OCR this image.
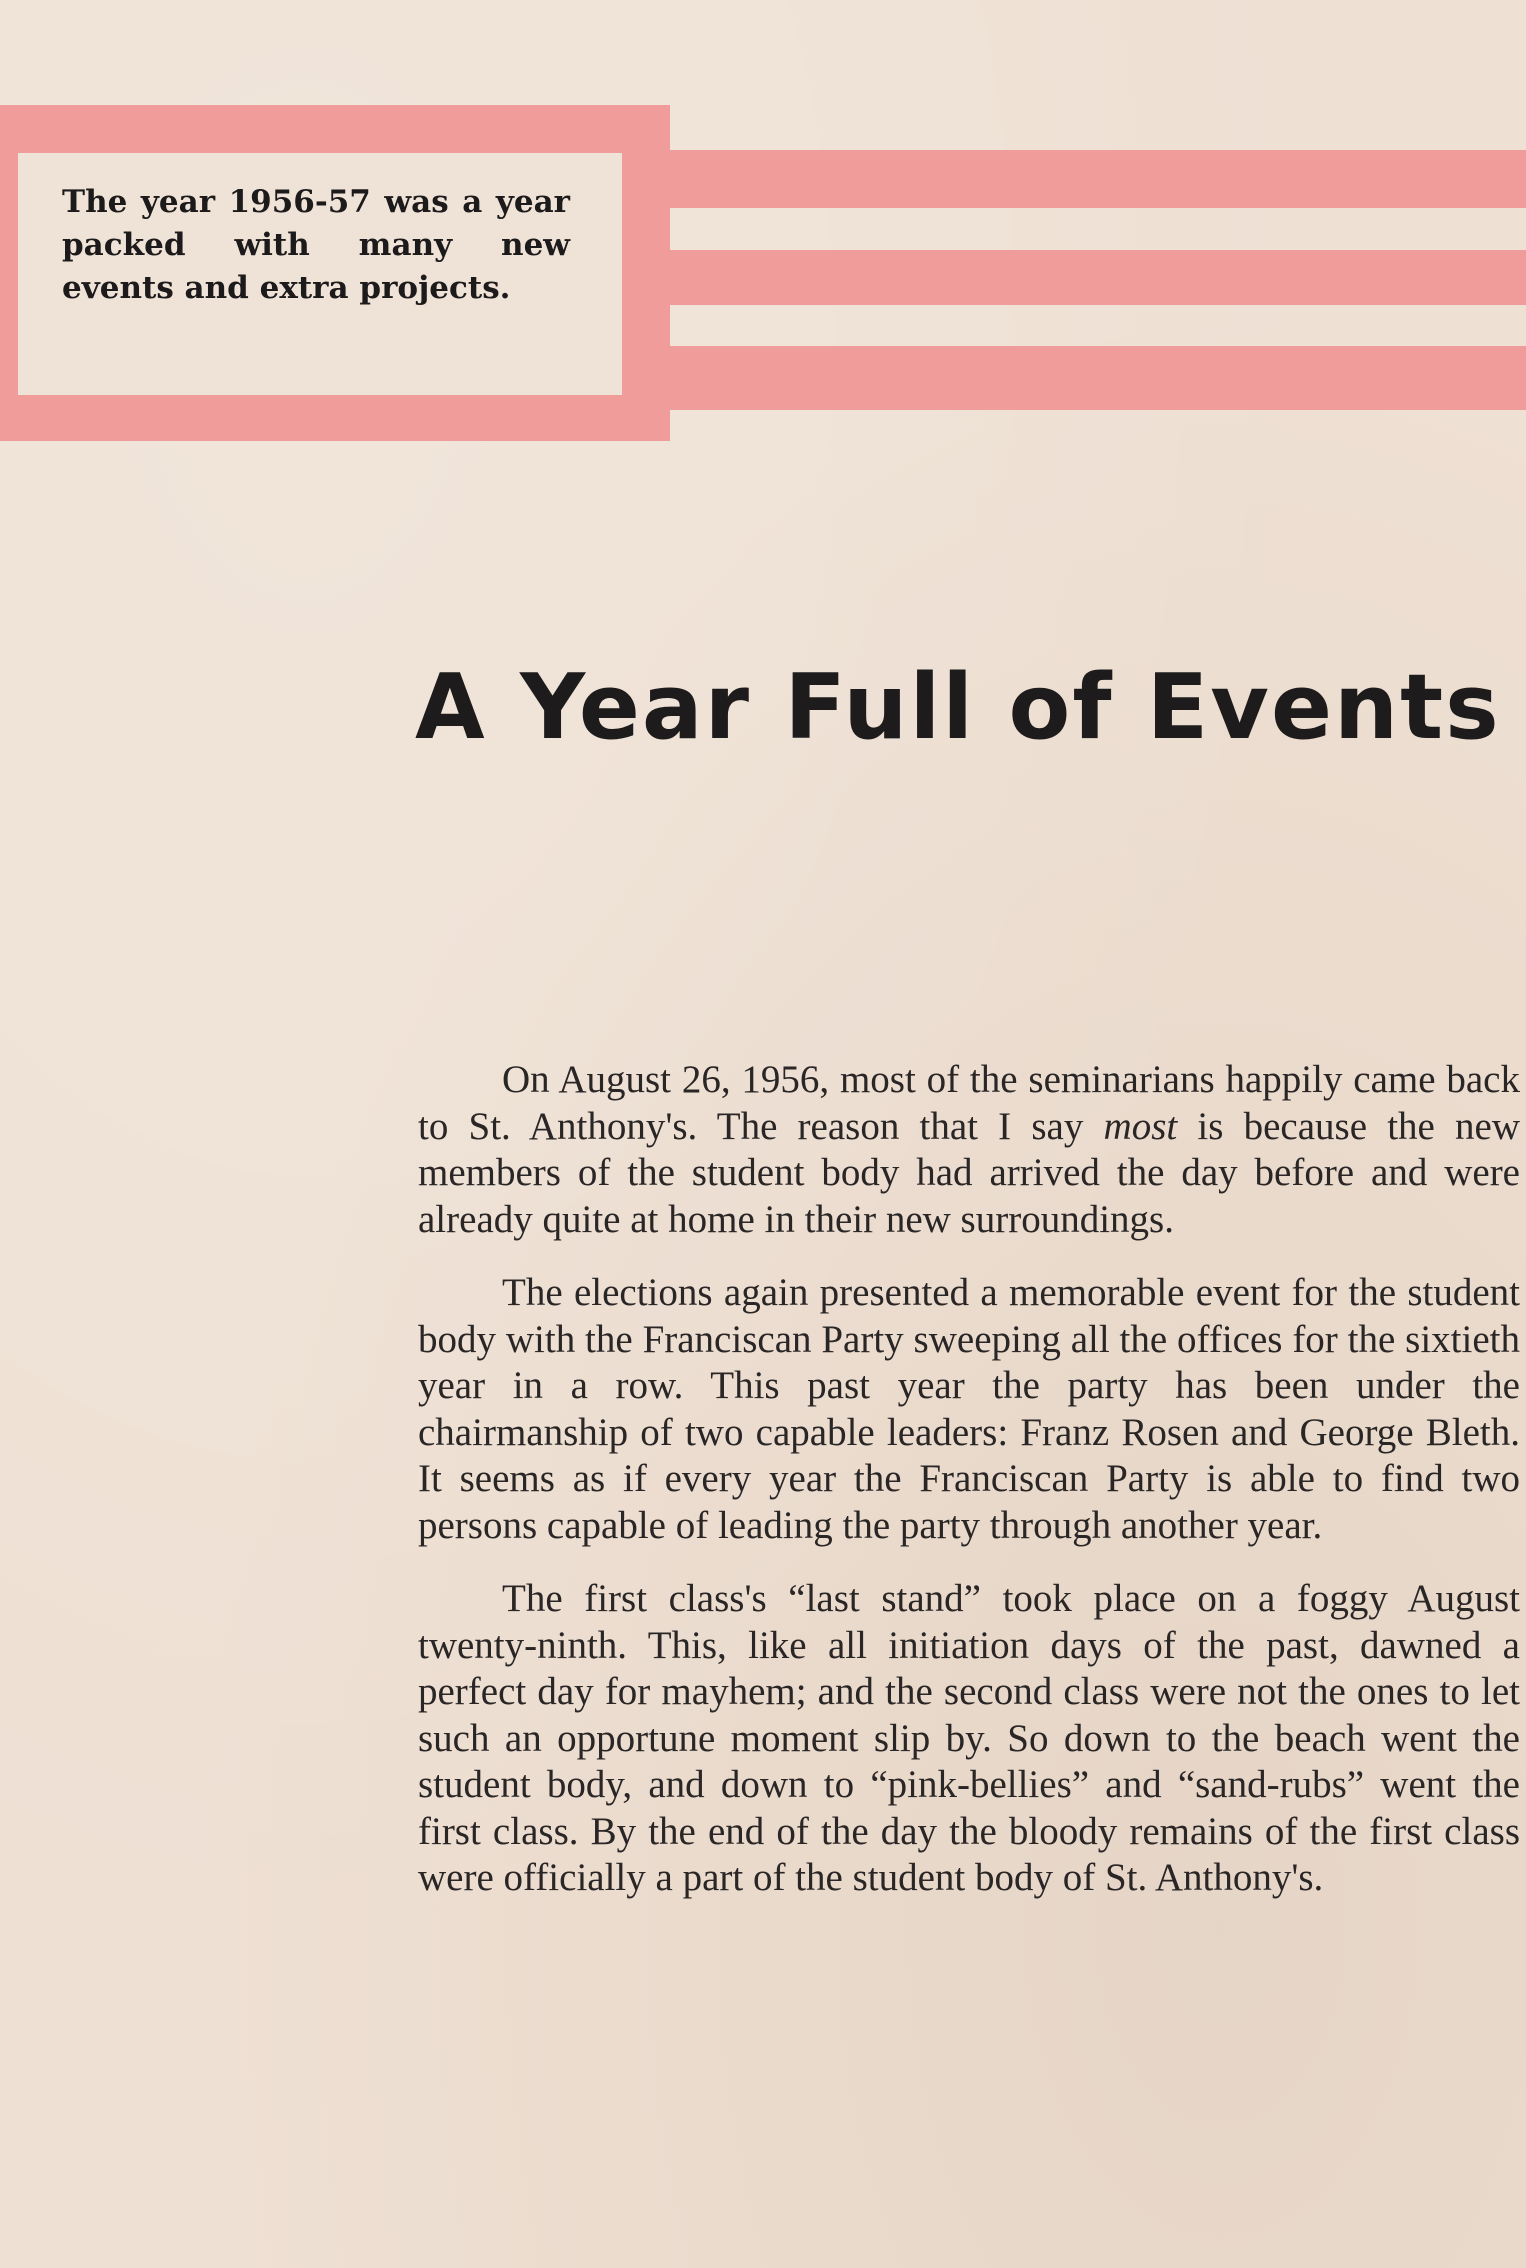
The year 1956-57 was a year packed with many new events and extra projects.

A Year Full of Events

On August 26, 1956, most of the seminarians happily came back to St. Anthony's. The reason that I say most is because the new members of the student body had arrived the day before and were already quite at home in their new surroundings.

The elections again presented a memorable event for the student body with the Franciscan Party sweeping all the offices for the sixtieth year in a row. This past year the party has been under the chairmanship of two capable leaders: Franz Rosen and George Bleth. It seems as if every year the Franciscan Party is able to find two persons capable of leading the party through another year.

The first class's “last stand” took place on a foggy August twenty-ninth. This, like all initiation days of the past, dawned a perfect day for mayhem; and the second class were not the ones to let such an opportune moment slip by. So down to the beach went the student body, and down to “pink-bellies” and “sand-rubs” went the first class. By the end of the day the bloody remains of the first class were officially a part of the student body of St. Anthony's.
